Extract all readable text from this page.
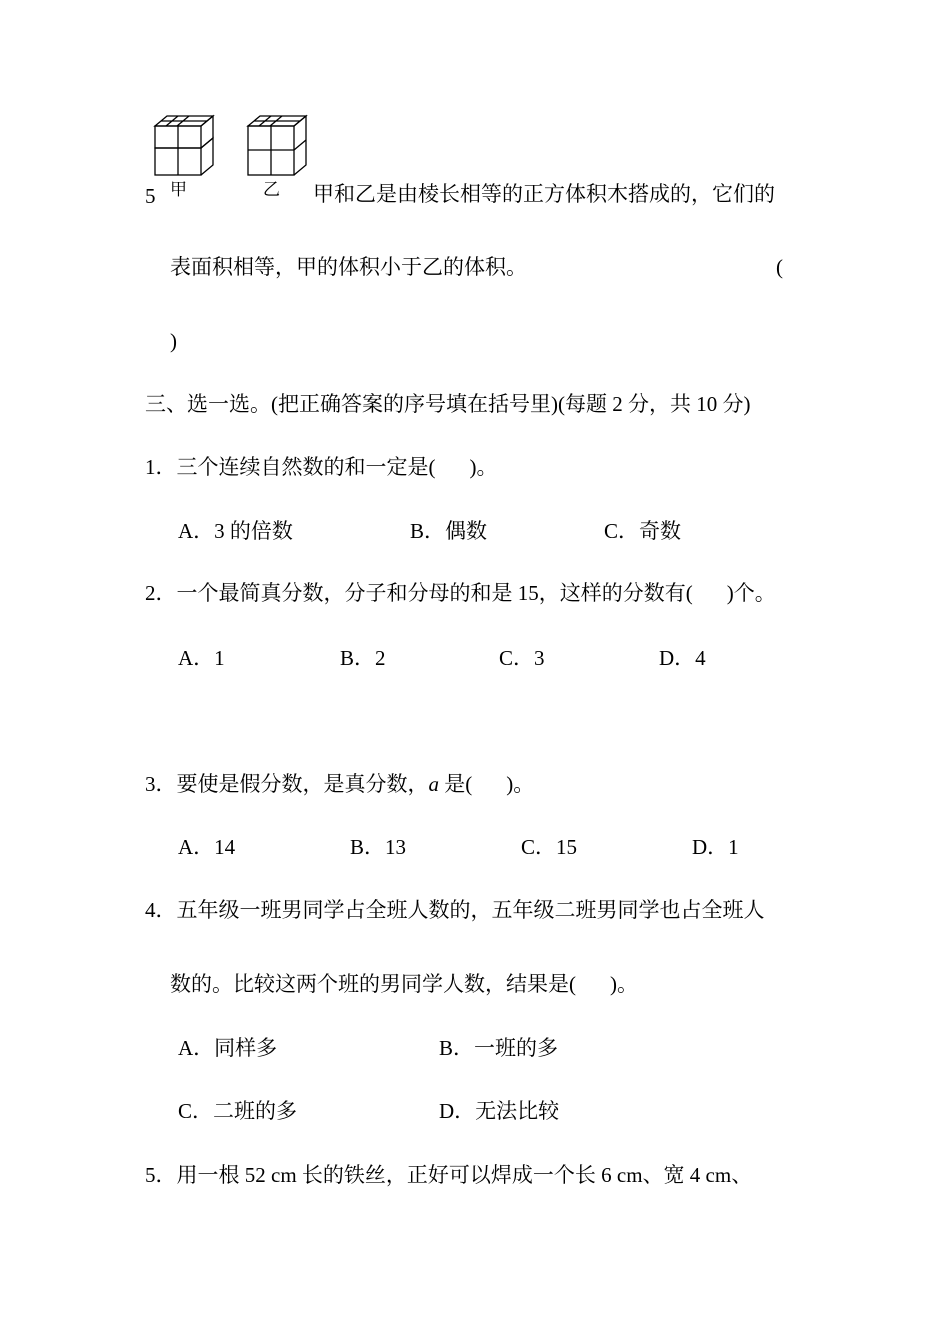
5 甲	乙 甲和乙是由棱长相等的正方体积木搭成的，它们的
表面积相等，甲的体积小于乙的体积。	(
)
三、选一选。(把正确答案的序号填在括号里)(每题 2 分，共 10 分)
1．三个连续自然数的和一定是( )。
A．3 的倍数	B．偶数	C．奇数
2．一个最简真分数，分子和分母的和是 15，这样的分数有( )个。
A．1	B．2	C．3	D．4
3．要使是假分数，是真分数，a 是( )。
A．14	B．13	C．15	D．1
4．五年级一班男同学占全班人数的，五年级二班男同学也占全班人
数的。比较这两个班的男同学人数，结果是( )。
A．同样多	B．一班的多
C．二班的多	D．无法比较
5．用一根 52 cm 长的铁丝，正好可以焊成一个长 6 cm、宽 4 cm、
